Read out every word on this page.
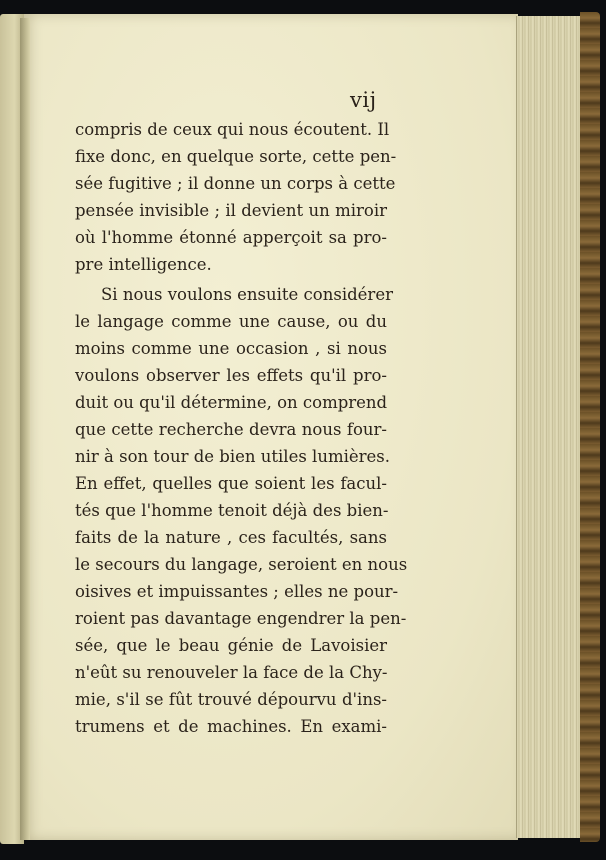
vij
compris de ceux qui nous écoutent. Il
fixe donc, en quelque sorte, cette pen-
sée fugitive ; il donne un corps à cette
pensée invisible ; il devient un miroir
où l'homme étonné apperçoit sa pro-
pre intelligence.
Si nous voulons ensuite considérer
le langage comme une cause, ou du
moins comme une occasion , si nous
voulons observer les effets qu'il pro-
duit ou qu'il détermine, on comprend
que cette recherche devra nous four-
nir à son tour de bien utiles lumières.
En effet, quelles que soient les facul-
tés que l'homme tenoit déjà des bien-
faits de la nature , ces facultés, sans
le secours du langage, seroient en nous
oisives et impuissantes ; elles ne pour-
roient pas davantage engendrer la pen-
sée, que le beau génie de Lavoisier
n'eût su renouveler la face de la Chy-
mie, s'il se fût trouvé dépourvu d'ins-
trumens et de machines. En exami-
